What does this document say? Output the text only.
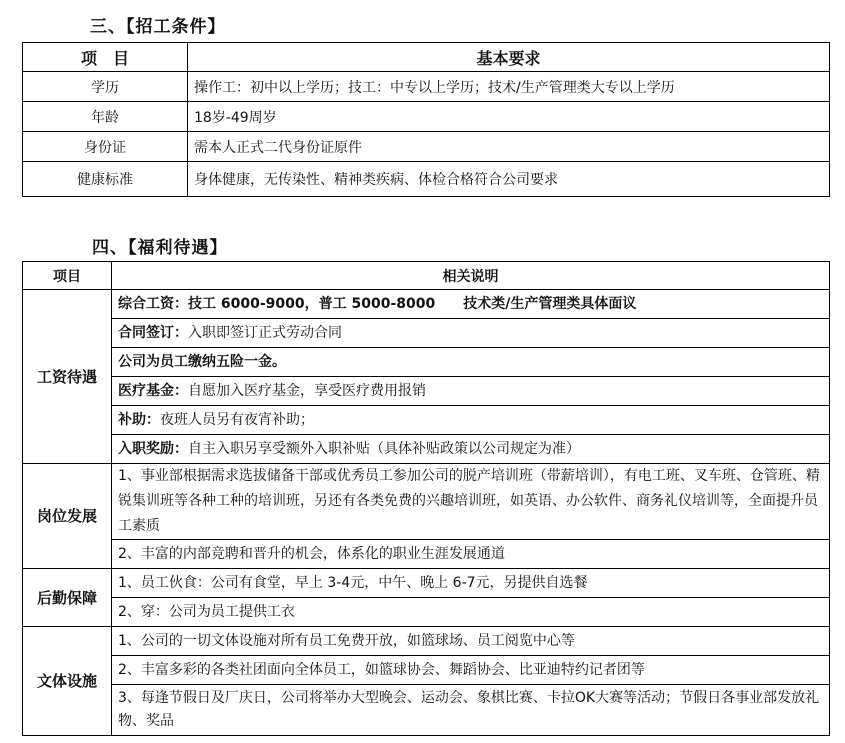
三、【招工条件】
项　目	基本要求
学历	操作工：初中以上学历；技工：中专以上学历；技术/生产管理类大专以上学历
年龄	18岁-49周岁
身份证	需本人正式二代身份证原件
健康标准	身体健康，无传染性、精神类疾病、体检合格符合公司要求
四、【福利待遇】
项目	相关说明
工资待遇	综合工资：技工 6000-9000，普工 5000-8000　　技术类/生产管理类具体面议
	合同签订：入职即签订正式劳动合同
	公司为员工缴纳五险一金。
	医疗基金：自愿加入医疗基金，享受医疗费用报销
	补助：夜班人员另有夜宵补助；
	入职奖励：自主入职另享受额外入职补贴（具体补贴政策以公司规定为准）
岗位发展	1、事业部根据需求选拔储备干部或优秀员工参加公司的脱产培训班（带薪培训），有电工班、叉车班、仓管班、精锐集训班等各种工种的培训班，另还有各类免费的兴趣培训班，如英语、办公软件、商务礼仪培训等，全面提升员工素质
	2、丰富的内部竞聘和晋升的机会，体系化的职业生涯发展通道
后勤保障	1、员工伙食：公司有食堂，早上 3-4元，中午、晚上 6-7元，另提供自选餐
	2、穿：公司为员工提供工衣
文体设施	1、公司的一切文体设施对所有员工免费开放，如篮球场、员工阅览中心等
	2、丰富多彩的各类社团面向全体员工，如篮球协会、舞蹈协会、比亚迪特约记者团等
	3、每逢节假日及厂庆日，公司将举办大型晚会、运动会、象棋比赛、卡拉OK大赛等活动；节假日各事业部发放礼物、奖品
